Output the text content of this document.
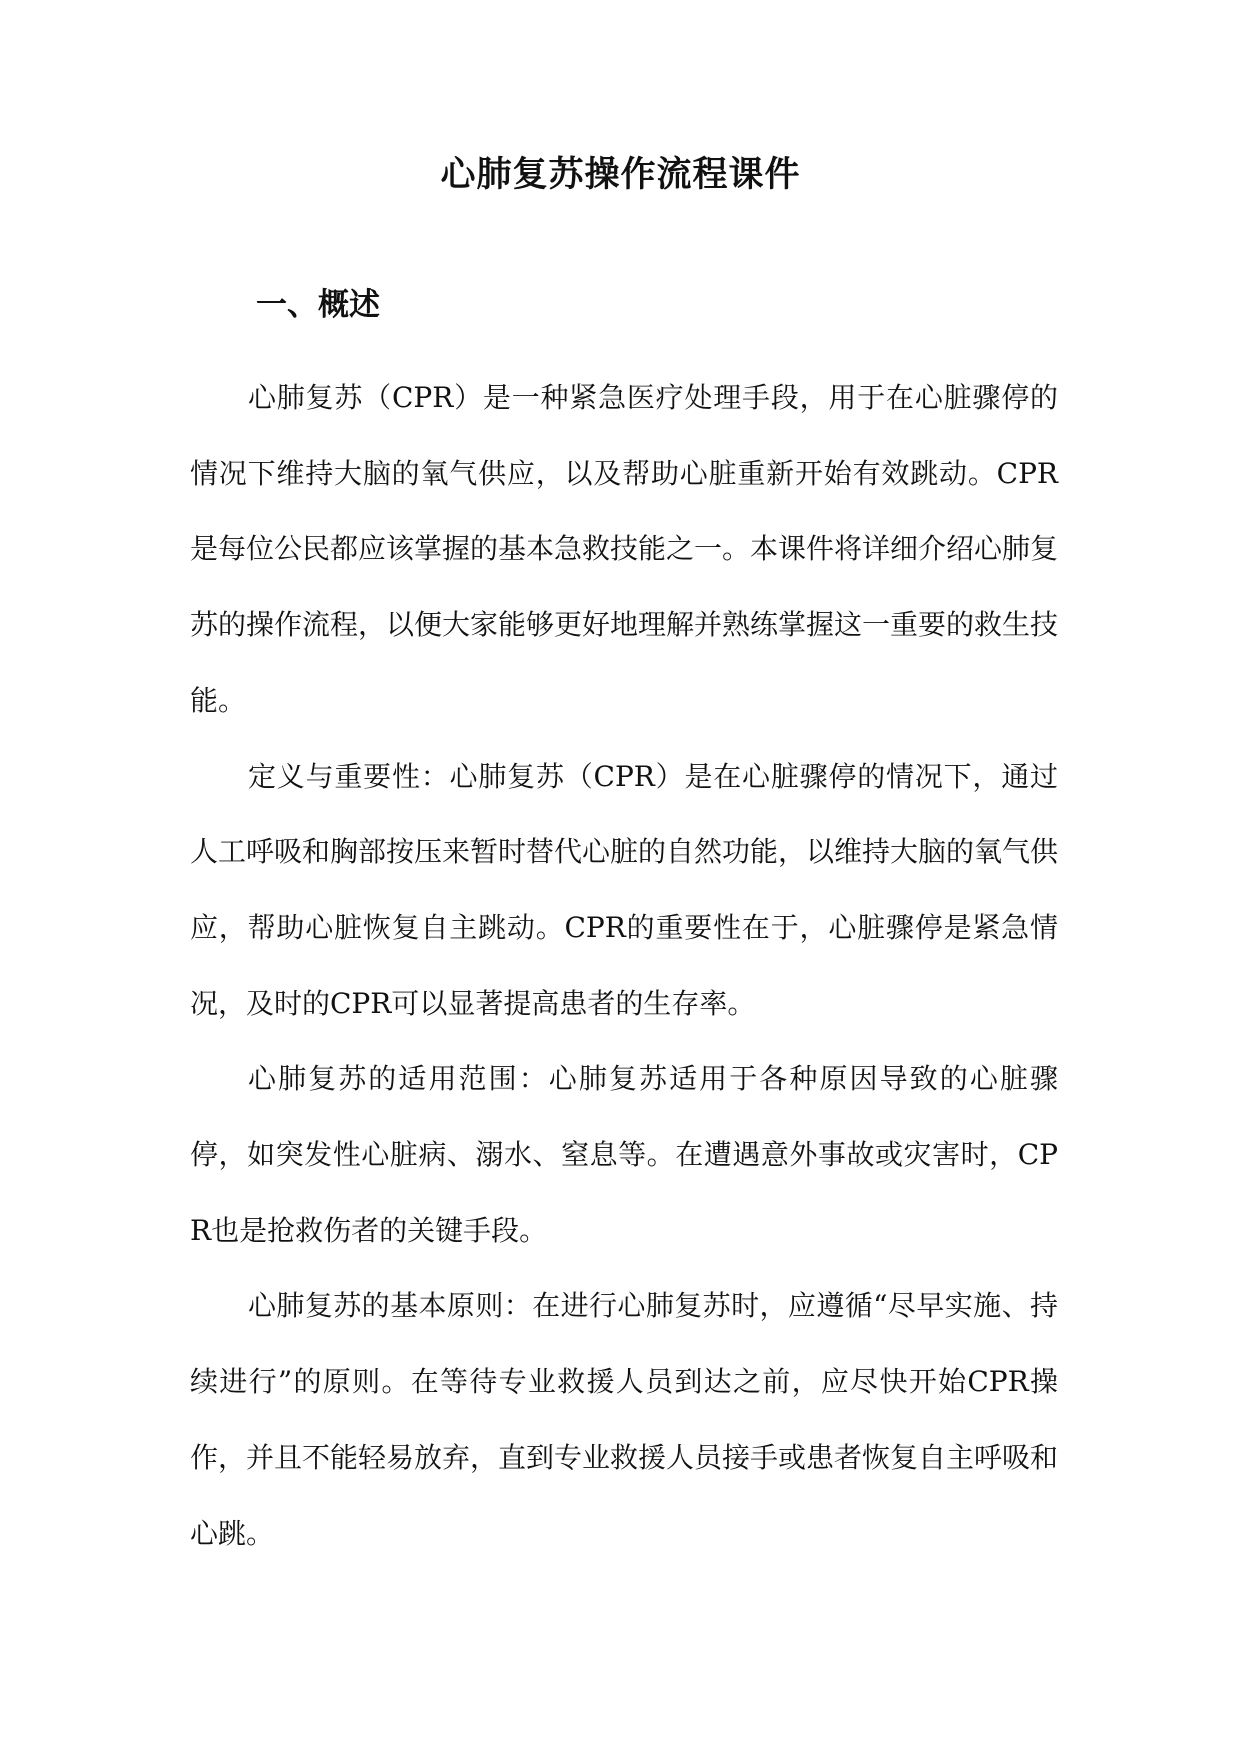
心肺复苏操作流程课件
一、概述

心肺复苏（CPR）是一种紧急医疗处理手段，用于在心脏骤停的情况下维持大脑的氧气供应，以及帮助心脏重新开始有效跳动。CPR是每位公民都应该掌握的基本急救技能之一。本课件将详细介绍心肺复苏的操作流程，以便大家能够更好地理解并熟练掌握这一重要的救生技能。

定义与重要性：心肺复苏（CPR）是在心脏骤停的情况下，通过人工呼吸和胸部按压来暂时替代心脏的自然功能，以维持大脑的氧气供应，帮助心脏恢复自主跳动。CPR的重要性在于，心脏骤停是紧急情况，及时的CPR可以显著提高患者的生存率。

心肺复苏的适用范围：心肺复苏适用于各种原因导致的心脏骤停，如突发性心脏病、溺水、窒息等。在遭遇意外事故或灾害时，CPR也是抢救伤者的关键手段。

心肺复苏的基本原则：在进行心肺复苏时，应遵循“尽早实施、持续进行”的原则。在等待专业救援人员到达之前，应尽快开始CPR操作，并且不能轻易放弃，直到专业救援人员接手或患者恢复自主呼吸和心跳。
